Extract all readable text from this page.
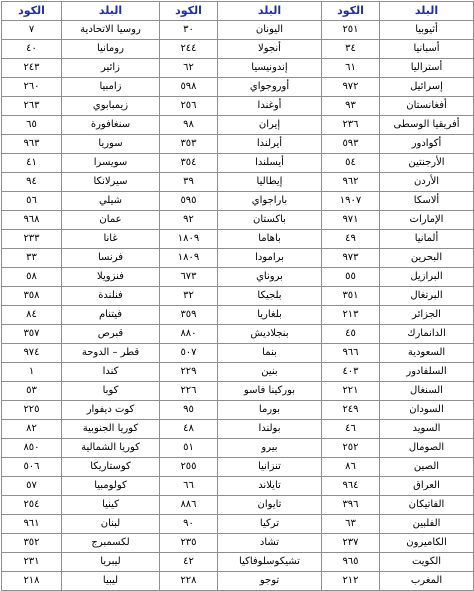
البلد	الكود	البلد	الكود	البلد	الكود
أثيوبيا	٢٥١	اليونان	٣٠	روسيا الاتحادية	٧
أسبانيا	٣٤	أنجولا	٢٤٤	رومانيا	٤٠
أستراليا	٦١	إندونيسيا	٦٢	زائير	٢٤٣
إسرائيل	٩٧٢	أوروجواي	٥٩٨	زامبيا	٢٦٠
أفغانستان	٩٣	أوغندا	٢٥٦	زيمبابوي	٢٦٣
أفريقيا الوسطى	٢٣٦	إيران	٩٨	سنغافورة	٦٥
أكوادور	٥٩٣	أيرلندا	٣٥٣	سوريا	٩٦٣
الأرجنتين	٥٤	أيسلندا	٣٥٤	سويسرا	٤١
الأردن	٩٦٢	إيطاليا	٣٩	سيرلانكا	٩٤
ألاسكا	١٩٠٧	باراجواي	٥٩٥	شيلي	٥٦
الإمارات	٩٧١	باكستان	٩٢	عمان	٩٦٨
ألمانيا	٤٩	باهاما	١٨٠٩	غانا	٢٣٣
البحرين	٩٧٣	برامودا	١٨٠٩	فرنسا	٣٣
البرازيل	٥٥	بروناي	٦٧٣	فنزويلا	٥٨
البرتغال	٣٥١	بلجيكا	٣٢	فنلندة	٣٥٨
الجزائر	٢١٣	بلغاريا	٣٥٩	فيتنام	٨٤
الدانمارك	٤٥	بنجلاديش	٨٨٠	قبرص	٣٥٧
السعودية	٩٦٦	بنما	٥٠٧	قطر – الدوحة	٩٧٤
السلفادور	٤٠٣	بنين	٢٢٩	كندا	١
السنغال	٢٢١	بوركينا فاسو	٢٢٦	كوبا	٥٣
السودان	٢٤٩	بورما	٩٥	كوت ديفوار	٢٢٥
السويد	٤٦	بولندا	٤٨	كوريا الجنوبية	٨٢
الصومال	٢٥٢	بيرو	٥١	كوريا الشمالية	٨٥٠
الصين	٨٦	تنزانيا	٢٥٥	كوستاريكا	٥٠٦
العراق	٩٦٤	تايلاند	٦٦	كولومبيا	٥٧
الفاتيكان	٣٩٦	تايوان	٨٨٦	كينيا	٢٥٤
الفلبين	٦٣	تركيا	٩٠	لبنان	٩٦١
الكاميرون	٢٣٧	تشاد	٢٣٥	لكسمبرج	٣٥٢
الكويت	٩٦٥	تشيكوسلوفاكيا	٤٢	ليبريا	٢٣١
المغرب	٢١٢	توجو	٢٢٨	ليبيا	٢١٨
